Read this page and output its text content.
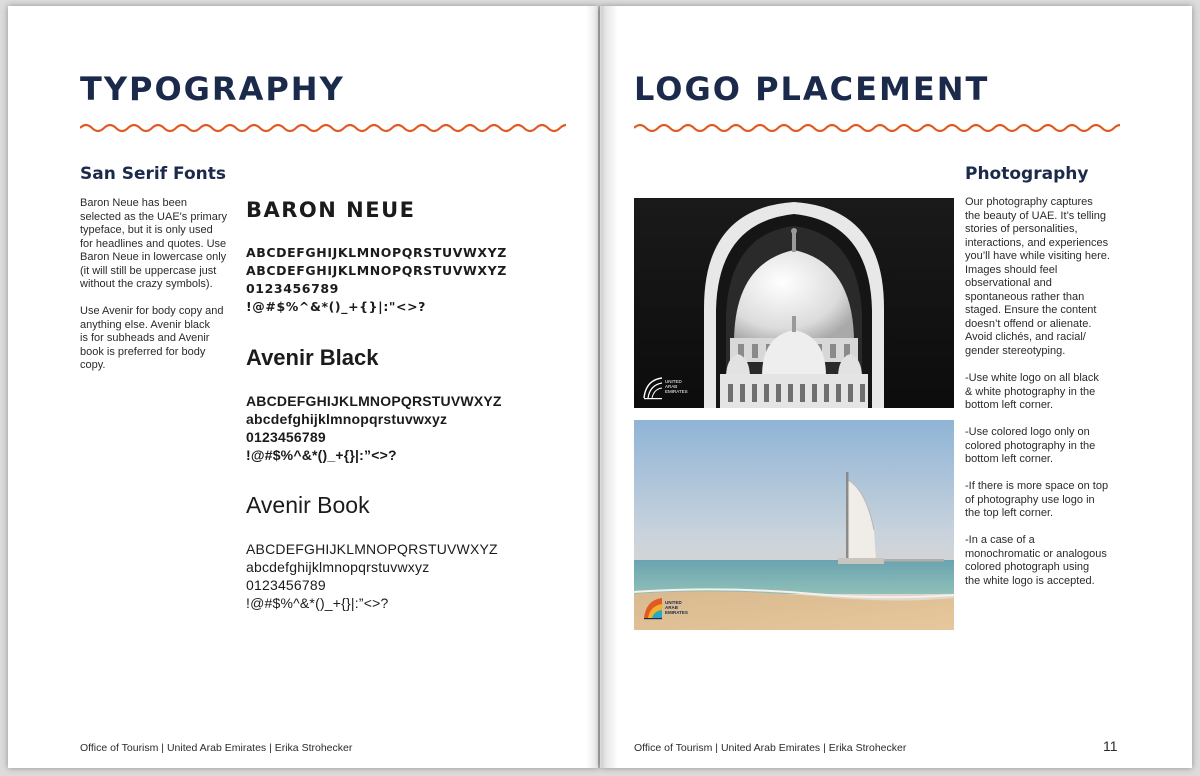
TYPOGRAPHY
San Serif Fonts
Baron Neue has been
selected as the UAE's primary
typeface, but it is only used
for headlines and quotes. Use
Baron Neue in lowercase only
(it will still be uppercase just
without the crazy symbols).
Use Avenir for body copy and
anything else. Avenir black
is for subheads and Avenir
book is preferred for body
copy.
BARON NEUE
ABCDEFGHIJKLMNOPQRSTUVWXYZ
ABCDEFGHIJKLMNOPQRSTUVWXYZ
0123456789
!@#$%^&*()_+{}|:"<>?
Avenir Black
ABCDEFGHIJKLMNOPQRSTUVWXYZ
abcdefghijklmnopqrstuvwxyz
0123456789
!@#$%^&*()_+{}|:”<>?
Avenir Book
ABCDEFGHIJKLMNOPQRSTUVWXYZ
abcdefghijklmnopqrstuvwxyz
0123456789
!@#$%^&*()_+{}|:”<>?
Office of Tourism | United Arab Emirates | Erika Strohecker
LOGO PLACEMENT
UNITED
ARAB
EMIRATES
UNITED
ARAB
EMIRATES
Photography
Our photography captures
the beauty of UAE. It’s telling
stories of personalities,
interactions, and experiences
you’ll have while visiting here.
Images should feel
observational and
spontaneous rather than
staged. Ensure the content
doesn’t offend or alienate.
Avoid clichés, and racial/
gender stereotyping.
-Use white logo on all black
& white photography in the
bottom left corner.
-Use colored logo only on
colored photography in the
bottom left corner.
-If there is more space on top
of photography use logo in
the top left corner.
-In a case of a
monochromatic or analogous
colored photograph using
the white logo is accepted.
Office of Tourism | United Arab Emirates | Erika Strohecker	11
